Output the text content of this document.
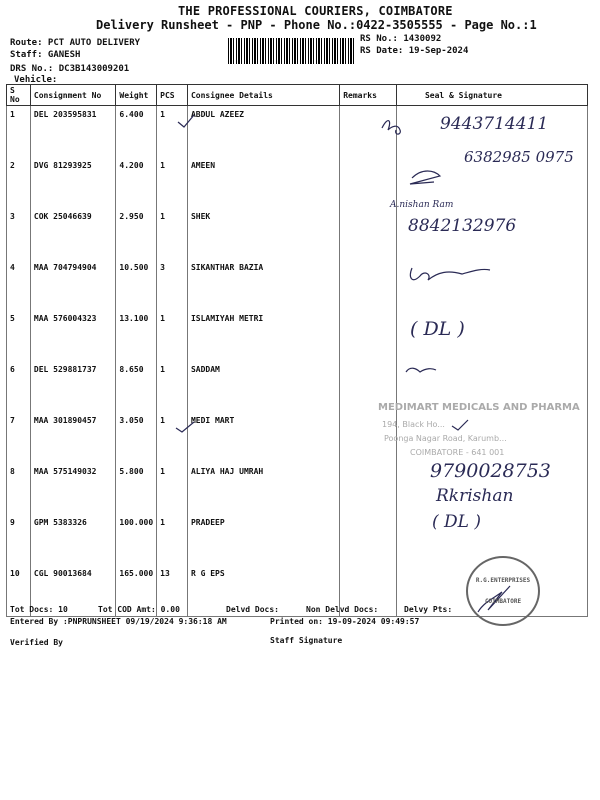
THE PROFESSIONAL COURIERS, COIMBATORE
Delivery Runsheet - PNP - Phone No.:0422-3505555 - Page No.:1
Route: PCT AUTO DELIVERY
Staff: GANESH
DRS No.: DC3B143009201
Vehicle:
RS No.: 1430092
RS Date: 19-Sep-2024
S No	Consignment No	Weight	PCS	Consignee Details	Remarks	Seal & Signature
1	DEL 203595831	6.400	1	ABDUL AZEEZ		
2	DVG 81293925	4.200	1	AMEEN		
3	COK 25046639	2.950	1	SHEK		
4	MAA 704794904	10.500	3	SIKANTHAR BAZIA		
5	MAA 576004323	13.100	1	ISLAMIYAH METRI		
6	DEL 529881737	8.650	1	SADDAM		
7	MAA 301890457	3.050	1	MEDI MART		
8	MAA 575149032	5.800	1	ALIYA HAJ UMRAH		
9	GPM 5383326	100.000	1	PRADEEP		
10	CGL 90013684	165.000	13	R G EPS		
9443714411
6382985 0975
A.nishan Ram
8842132976
( DL )
9790028753
Rkrishan
( DL )
MEDIMART MEDICALS AND PHARMA
194, Black Ho...
Poonga Nagar Road, Karumb...
COIMBATORE - 641 001
R.G.ENTERPRISES
COIMBATORE
Tot Docs: 10	Tot COD Amt: 0.00	Delvd Docs:	Non Delvd Docs:	Delvy Pts:
Entered By :PNPRUNSHEET 09/19/2024 9:36:18 AM	Printed on: 19-09-2024 09:49:57
Verified By	Staff Signature
